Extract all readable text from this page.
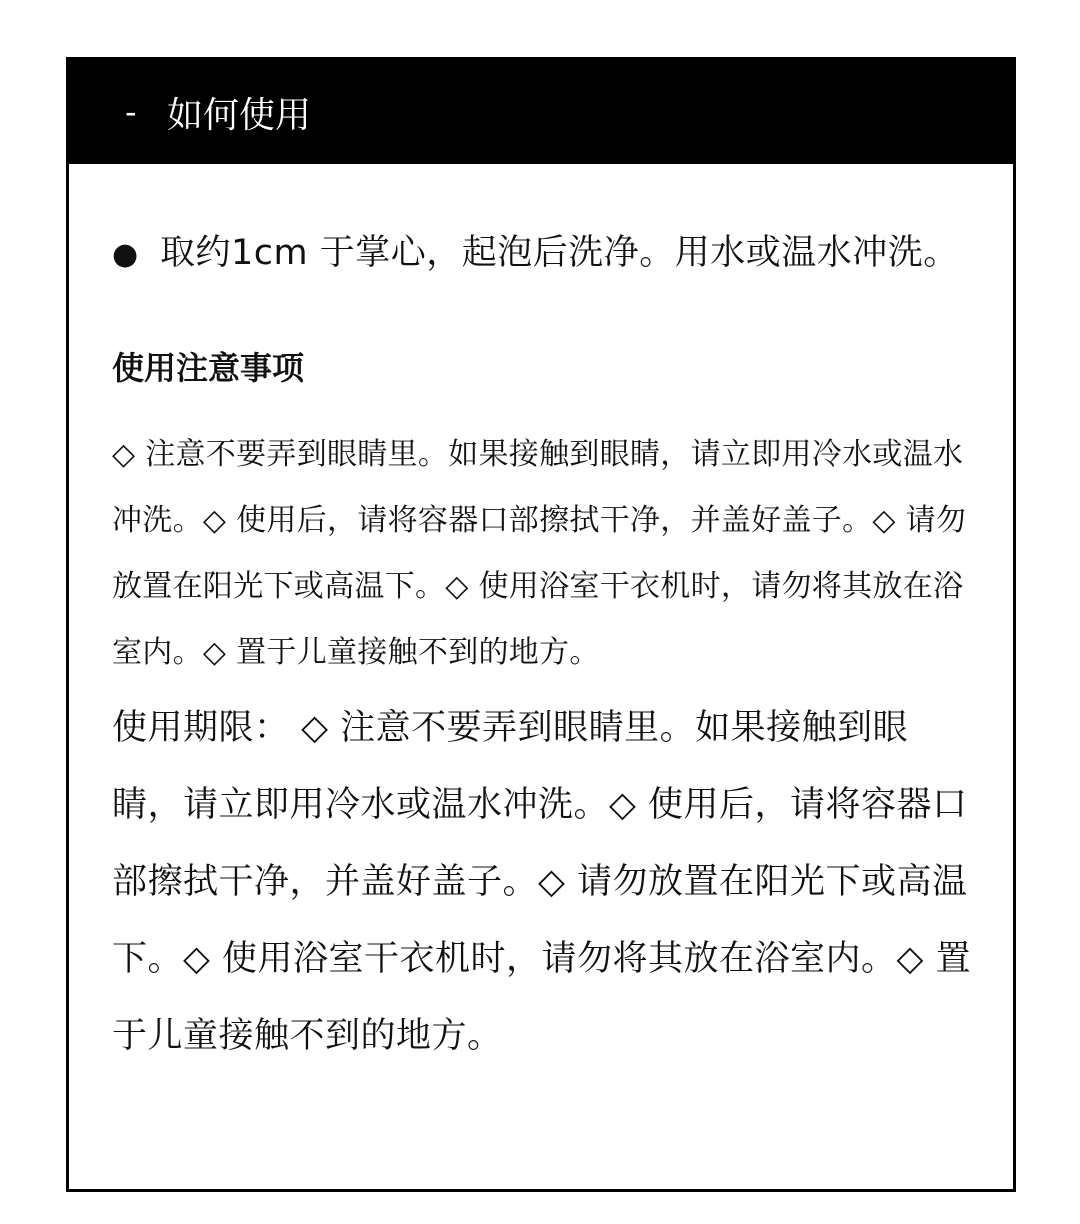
- 如何使用

● 取约1cm 于掌心，起泡后洗净。用水或温水冲洗。

使用注意事项
◇ 注意不要弄到眼睛里。如果接触到眼睛，请立即用冷水或温水冲洗。◇ 使用后，请将容器口部擦拭干净，并盖好盖子。◇ 请勿放置在阳光下或高温下。◇ 使用浴室干衣机时，请勿将其放在浴室内。◇ 置于儿童接触不到的地方。
使用期限： ◇ 注意不要弄到眼睛里。如果接触到眼睛，请立即用冷水或温水冲洗。◇ 使用后，请将容器口部擦拭干净，并盖好盖子。◇ 请勿放置在阳光下或高温下。◇ 使用浴室干衣机时，请勿将其放在浴室内。◇ 置于儿童接触不到的地方。
